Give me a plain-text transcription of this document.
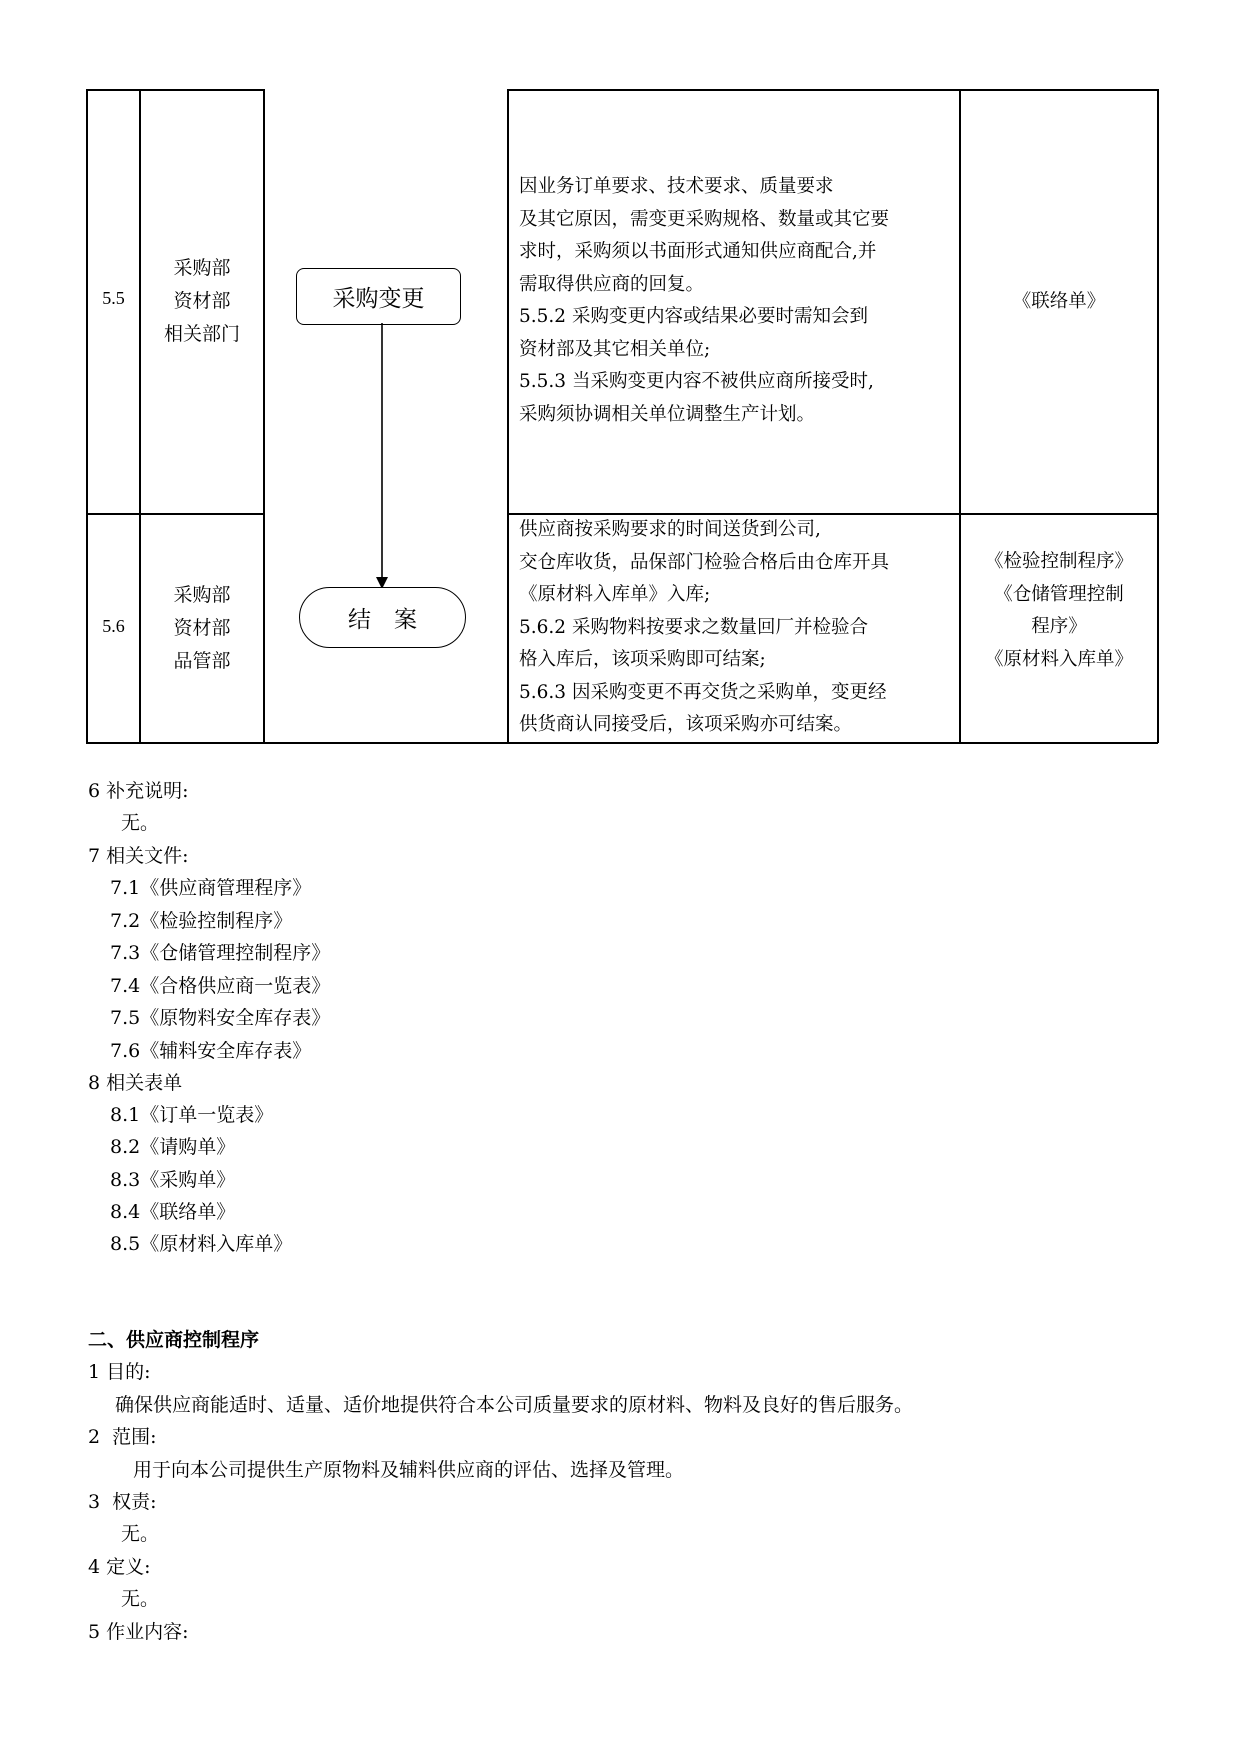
5.5
采购部
资材部
相关部门
因业务订单要求、技术要求、质量要求
及其它原因，需变更采购规格、数量或其它要
求时，采购须以书面形式通知供应商配合,并
需取得供应商的回复。
5.5.2 采购变更内容或结果必要时需知会到
资材部及其它相关单位;
5.5.3 当采购变更内容不被供应商所接受时,
采购须协调相关单位调整生产计划。
《联络单》
5.6
采购部
资材部
品管部
供应商按采购要求的时间送货到公司,
交仓库收货，品保部门检验合格后由仓库开具
《原材料入库单》入库;
5.6.2 采购物料按要求之数量回厂并检验合
格入库后，该项采购即可结案;
5.6.3 因采购变更不再交货之采购单，变更经
供货商认同接受后，该项采购亦可结案。
《检验控制程序》
《仓储管理控制
程序》
《原材料入库单》
采购变更
结　案
6 补充说明:
无。
7 相关文件:
7.1《供应商管理程序》
7.2《检验控制程序》
7.3《仓储管理控制程序》
7.4《合格供应商一览表》
7.5《原物料安全库存表》
7.6《辅料安全库存表》
8 相关表单
8.1《订单一览表》
8.2《请购单》
8.3《采购单》
8.4《联络单》
8.5《原材料入库单》
二、供应商控制程序
1 目的:
确保供应商能适时、适量、适价地提供符合本公司质量要求的原材料、物料及良好的售后服务。
2  范围:
用于向本公司提供生产原物料及辅料供应商的评估、选择及管理。
3  权责:
无。
4 定义:
无。
5 作业内容:
